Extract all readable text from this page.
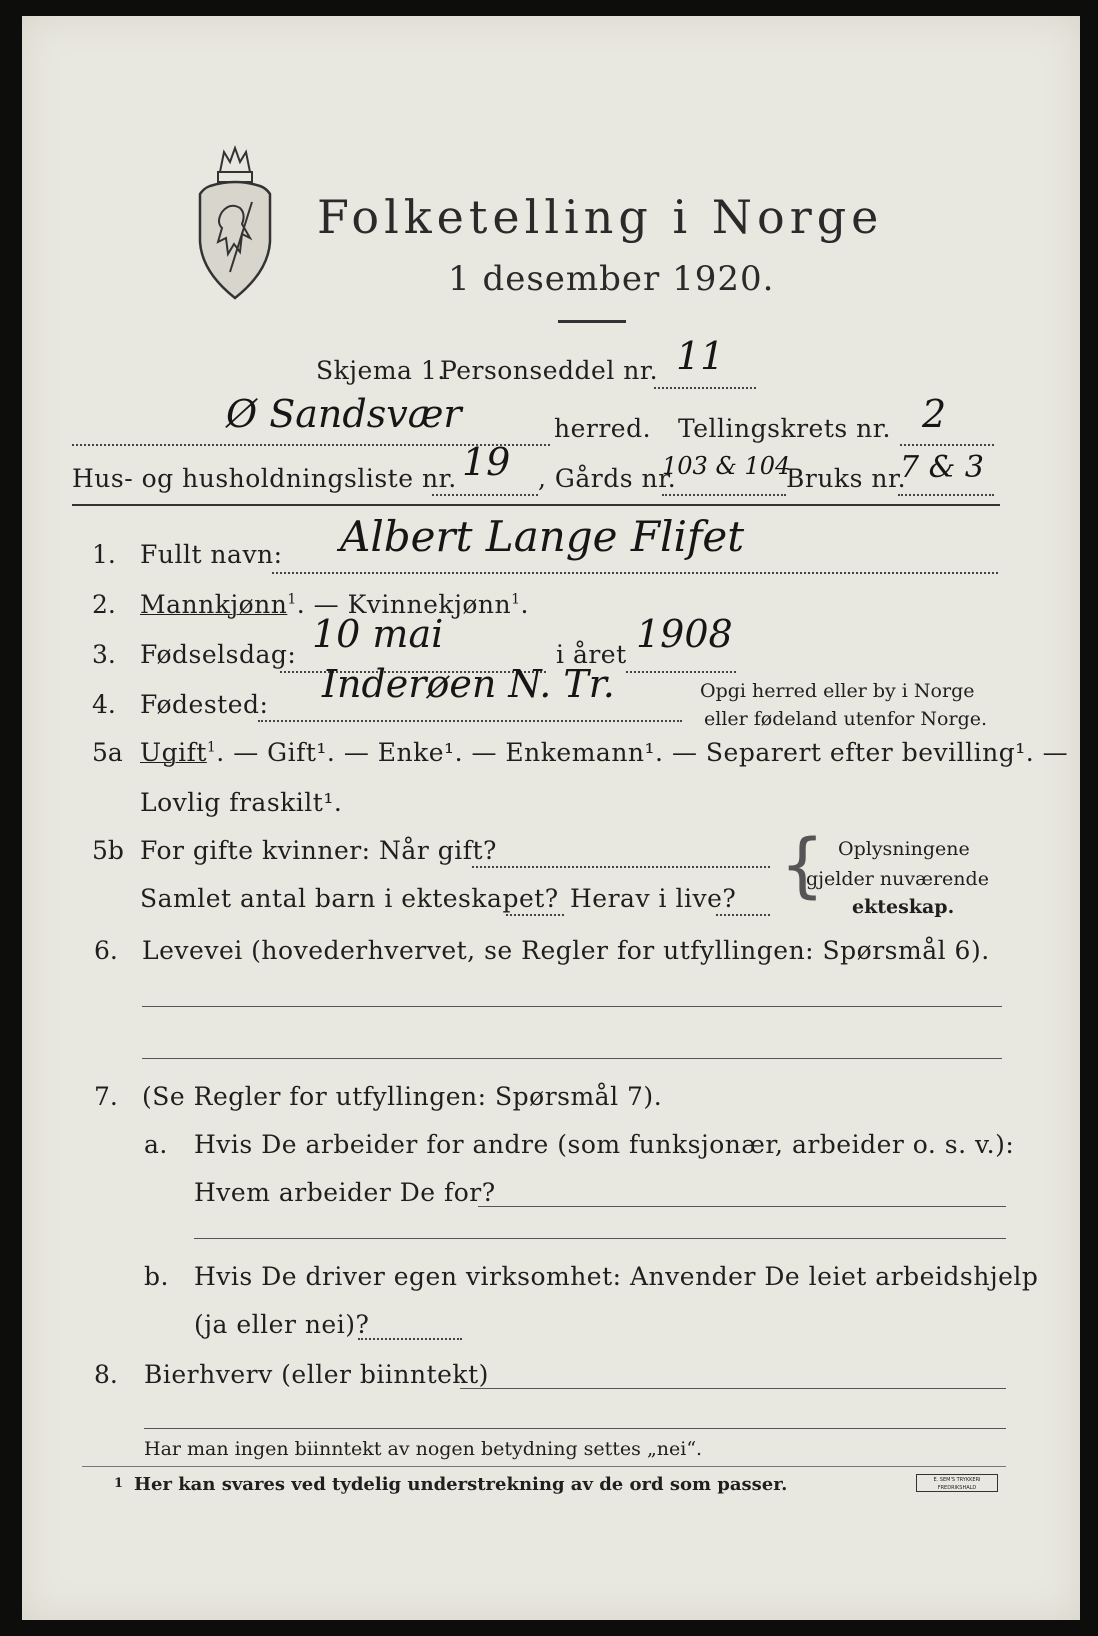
Folketelling i Norge
1 desember 1920.
Skjema 1.
Personseddel nr. 11
Ø Sandsvær	herred. Tellingskrets nr. 2
Hus- og husholdningsliste nr. 19 , Gårds nr.
103 & 104
Bruks nr.
7 & 3
1. Fullt navn: Albert Lange Flifet
2. Mannkjønn$^1$. — Kvinnekjønn$^1$.
3. Fødselsdag: 10 mai	i året 1908
4. Fødested: Inderøen N. Tr.	Opgi herred eller by i Norge
eller fødeland utenfor Norge.
5a Ugift$^1$. — Gift¹. — Enke¹. — Enkemann¹. — Separert efter bevilling¹. —
Lovlig fraskilt¹.
5b For gifte kvinner: Når gift?
Samlet antal barn i ekteskapet? Herav i live? { Oplysningene
gjelder nuværende
ekteskap.
6. Levevei (hovederhvervet, se Regler for utfyllingen: Spørsmål 6).
7. (Se Regler for utfyllingen: Spørsmål 7).
a. Hvis De arbeider for andre (som funksjonær, arbeider o. s. v.):
Hvem arbeider De for?
b. Hvis De driver egen virksomhet: Anvender De leiet arbeidshjelp
(ja eller nei)?
8. Bierhverv (eller biinntekt)
Har man ingen biinntekt av nogen betydning settes „nei“.
1 Her kan svares ved tydelig understrekning av de ord som passer.	E. SEM'S TRYKKERI FREDRIKSHALD
